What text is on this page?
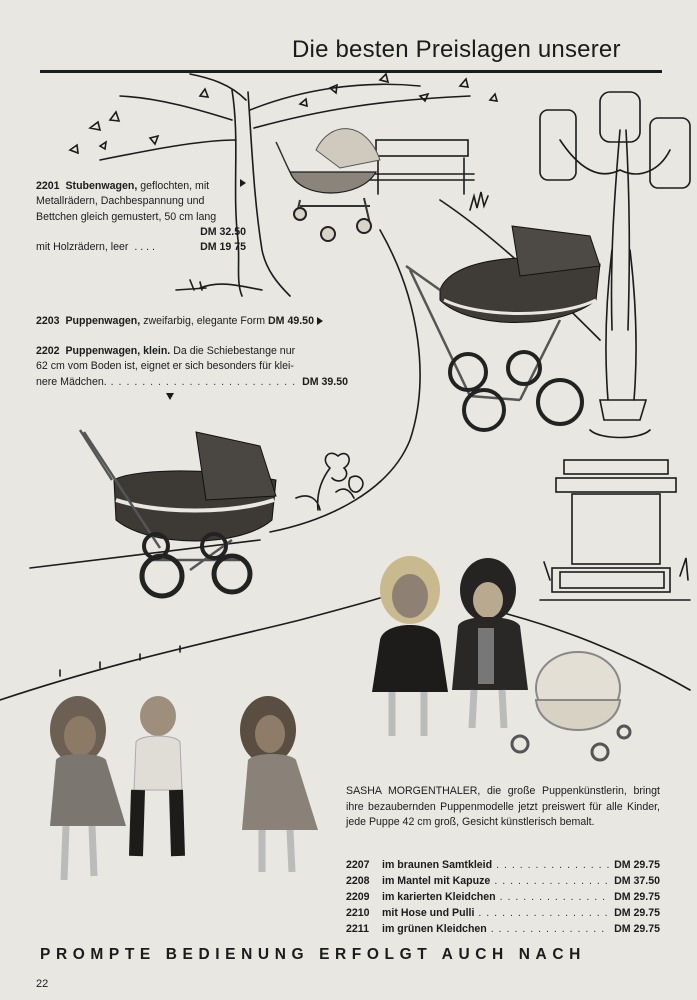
Die besten Preislagen unserer
2201 Stubenwagen, geflochten, mit
Metallrädern, Dachbespannung und
Bettchen gleich gemustert, 50 cm lang
DM 32.50
mit Holzrädern, leer . . . .	DM 19 75
2203 Puppenwagen, zweifarbig, elegante Form DM 49.50
2202 Puppenwagen, klein. Da die Schiebestange nur
62 cm vom Boden ist, eignet er sich besonders für klei-
nere Mädchen. . . .	DM 39.50
SASHA MORGENTHALER, die große Puppenkünstlerin, bringt ihre bezaubernden Puppenmodelle jetzt preiswert für alle Kinder, jede Puppe 42 cm groß, Gesicht künstlerisch bemalt.
2207 im braunen Samtkleid . . .	DM 29.75
2208 im Mantel mit Kapuze . . .	DM 37.50
2209 im karierten Kleidchen . . .	DM 29.75
2210 mit Hose und Pulli . . .	DM 29.75
2211 im grünen Kleidchen . . .	DM 29.75
PROMPTE BEDIENUNG ERFOLGT AUCH NACH
22
